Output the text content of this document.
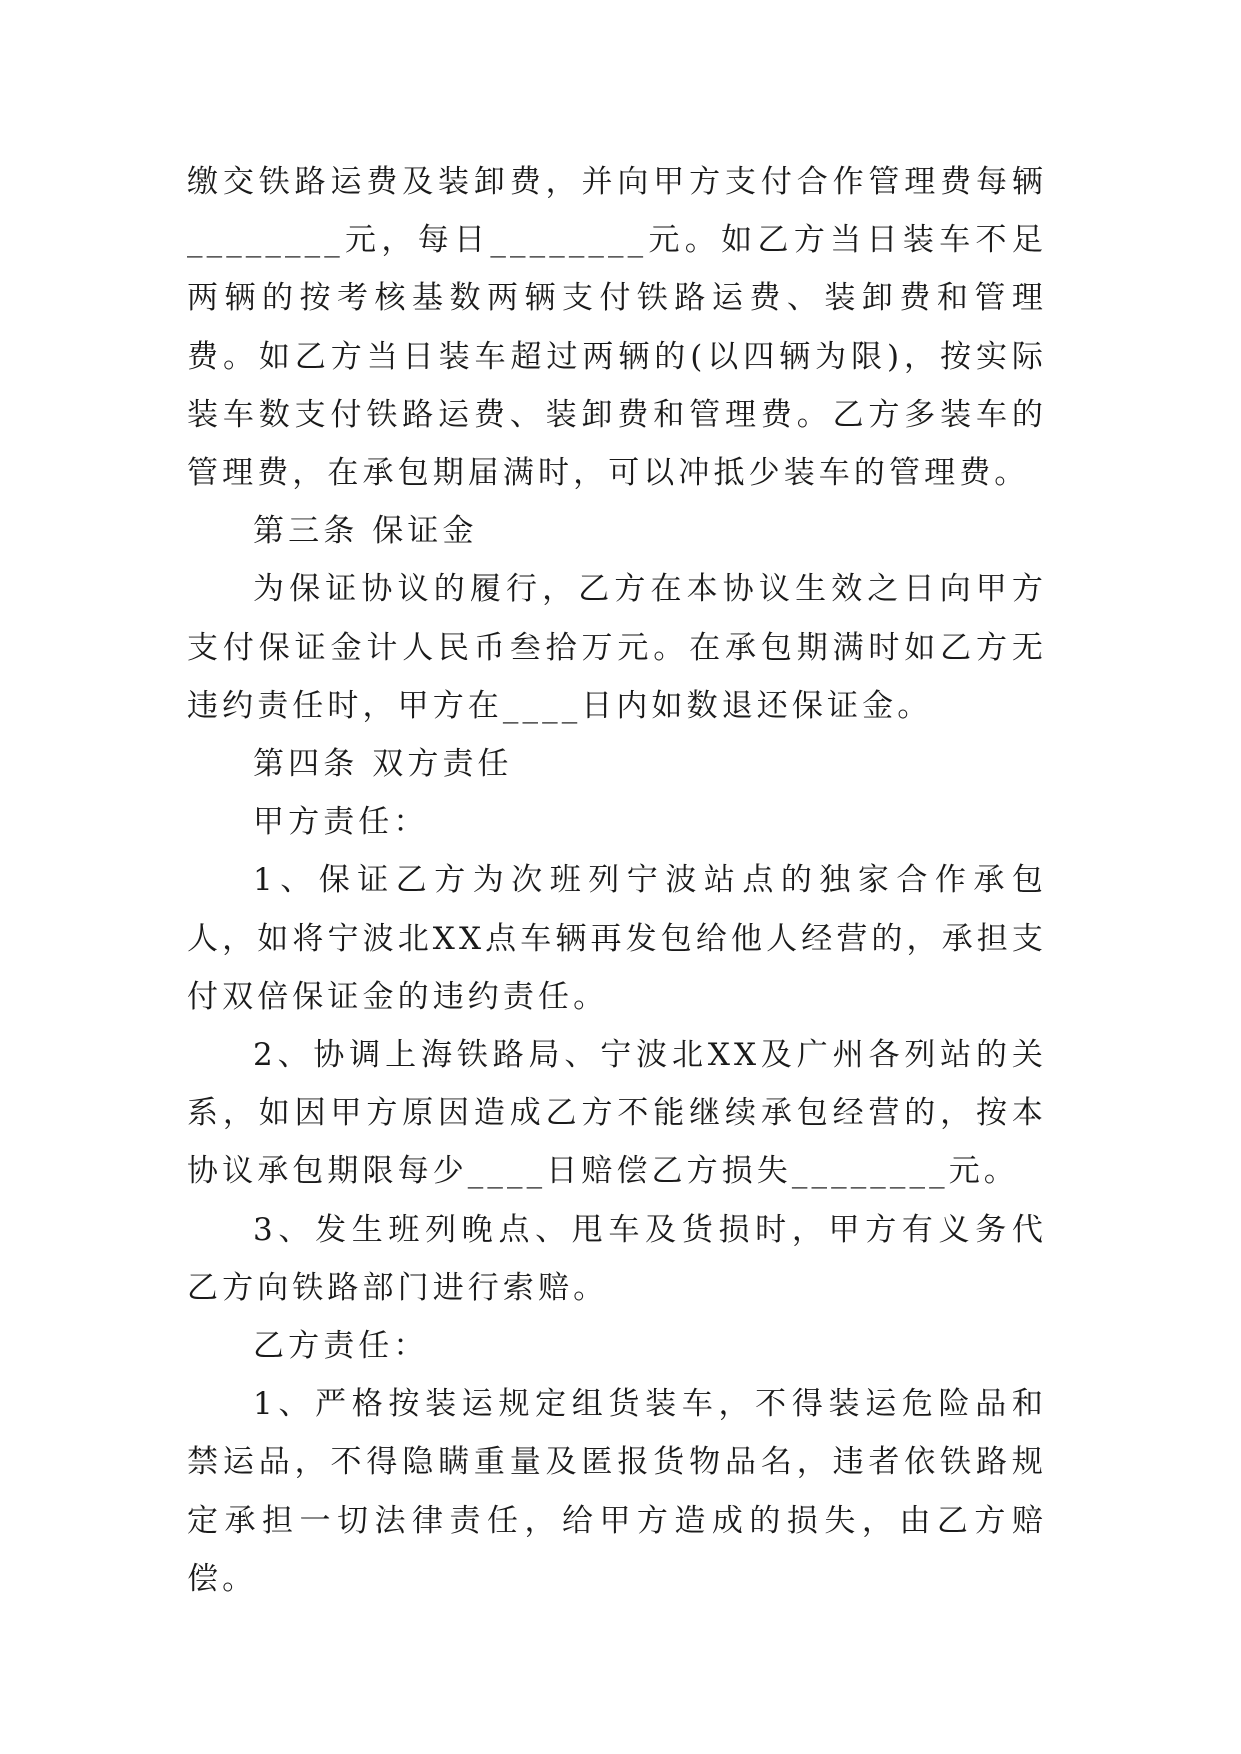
缴交铁路运费及装卸费，并向甲方支付合作管理费每辆________元，每日________元。如乙方当日装车不足两辆的按考核基数两辆支付铁路运费、装卸费和管理费。如乙方当日装车超过两辆的(以四辆为限)，按实际装车数支付铁路运费、装卸费和管理费。乙方多装车的管理费，在承包期届满时，可以冲抵少装车的管理费。

第三条 保证金

为保证协议的履行，乙方在本协议生效之日向甲方支付保证金计人民币叁拾万元。在承包期满时如乙方无违约责任时，甲方在____日内如数退还保证金。

第四条 双方责任

甲方责任：

1、保证乙方为次班列宁波站点的独家合作承包人，如将宁波北XX点车辆再发包给他人经营的，承担支付双倍保证金的违约责任。

2、协调上海铁路局、宁波北XX及广州各列站的关系，如因甲方原因造成乙方不能继续承包经营的，按本协议承包期限每少____日赔偿乙方损失________元。

3、发生班列晚点、甩车及货损时，甲方有义务代乙方向铁路部门进行索赔。

乙方责任：

1、严格按装运规定组货装车，不得装运危险品和禁运品，不得隐瞒重量及匿报货物品名，违者依铁路规定承担一切法律责任，给甲方造成的损失，由乙方赔偿。
